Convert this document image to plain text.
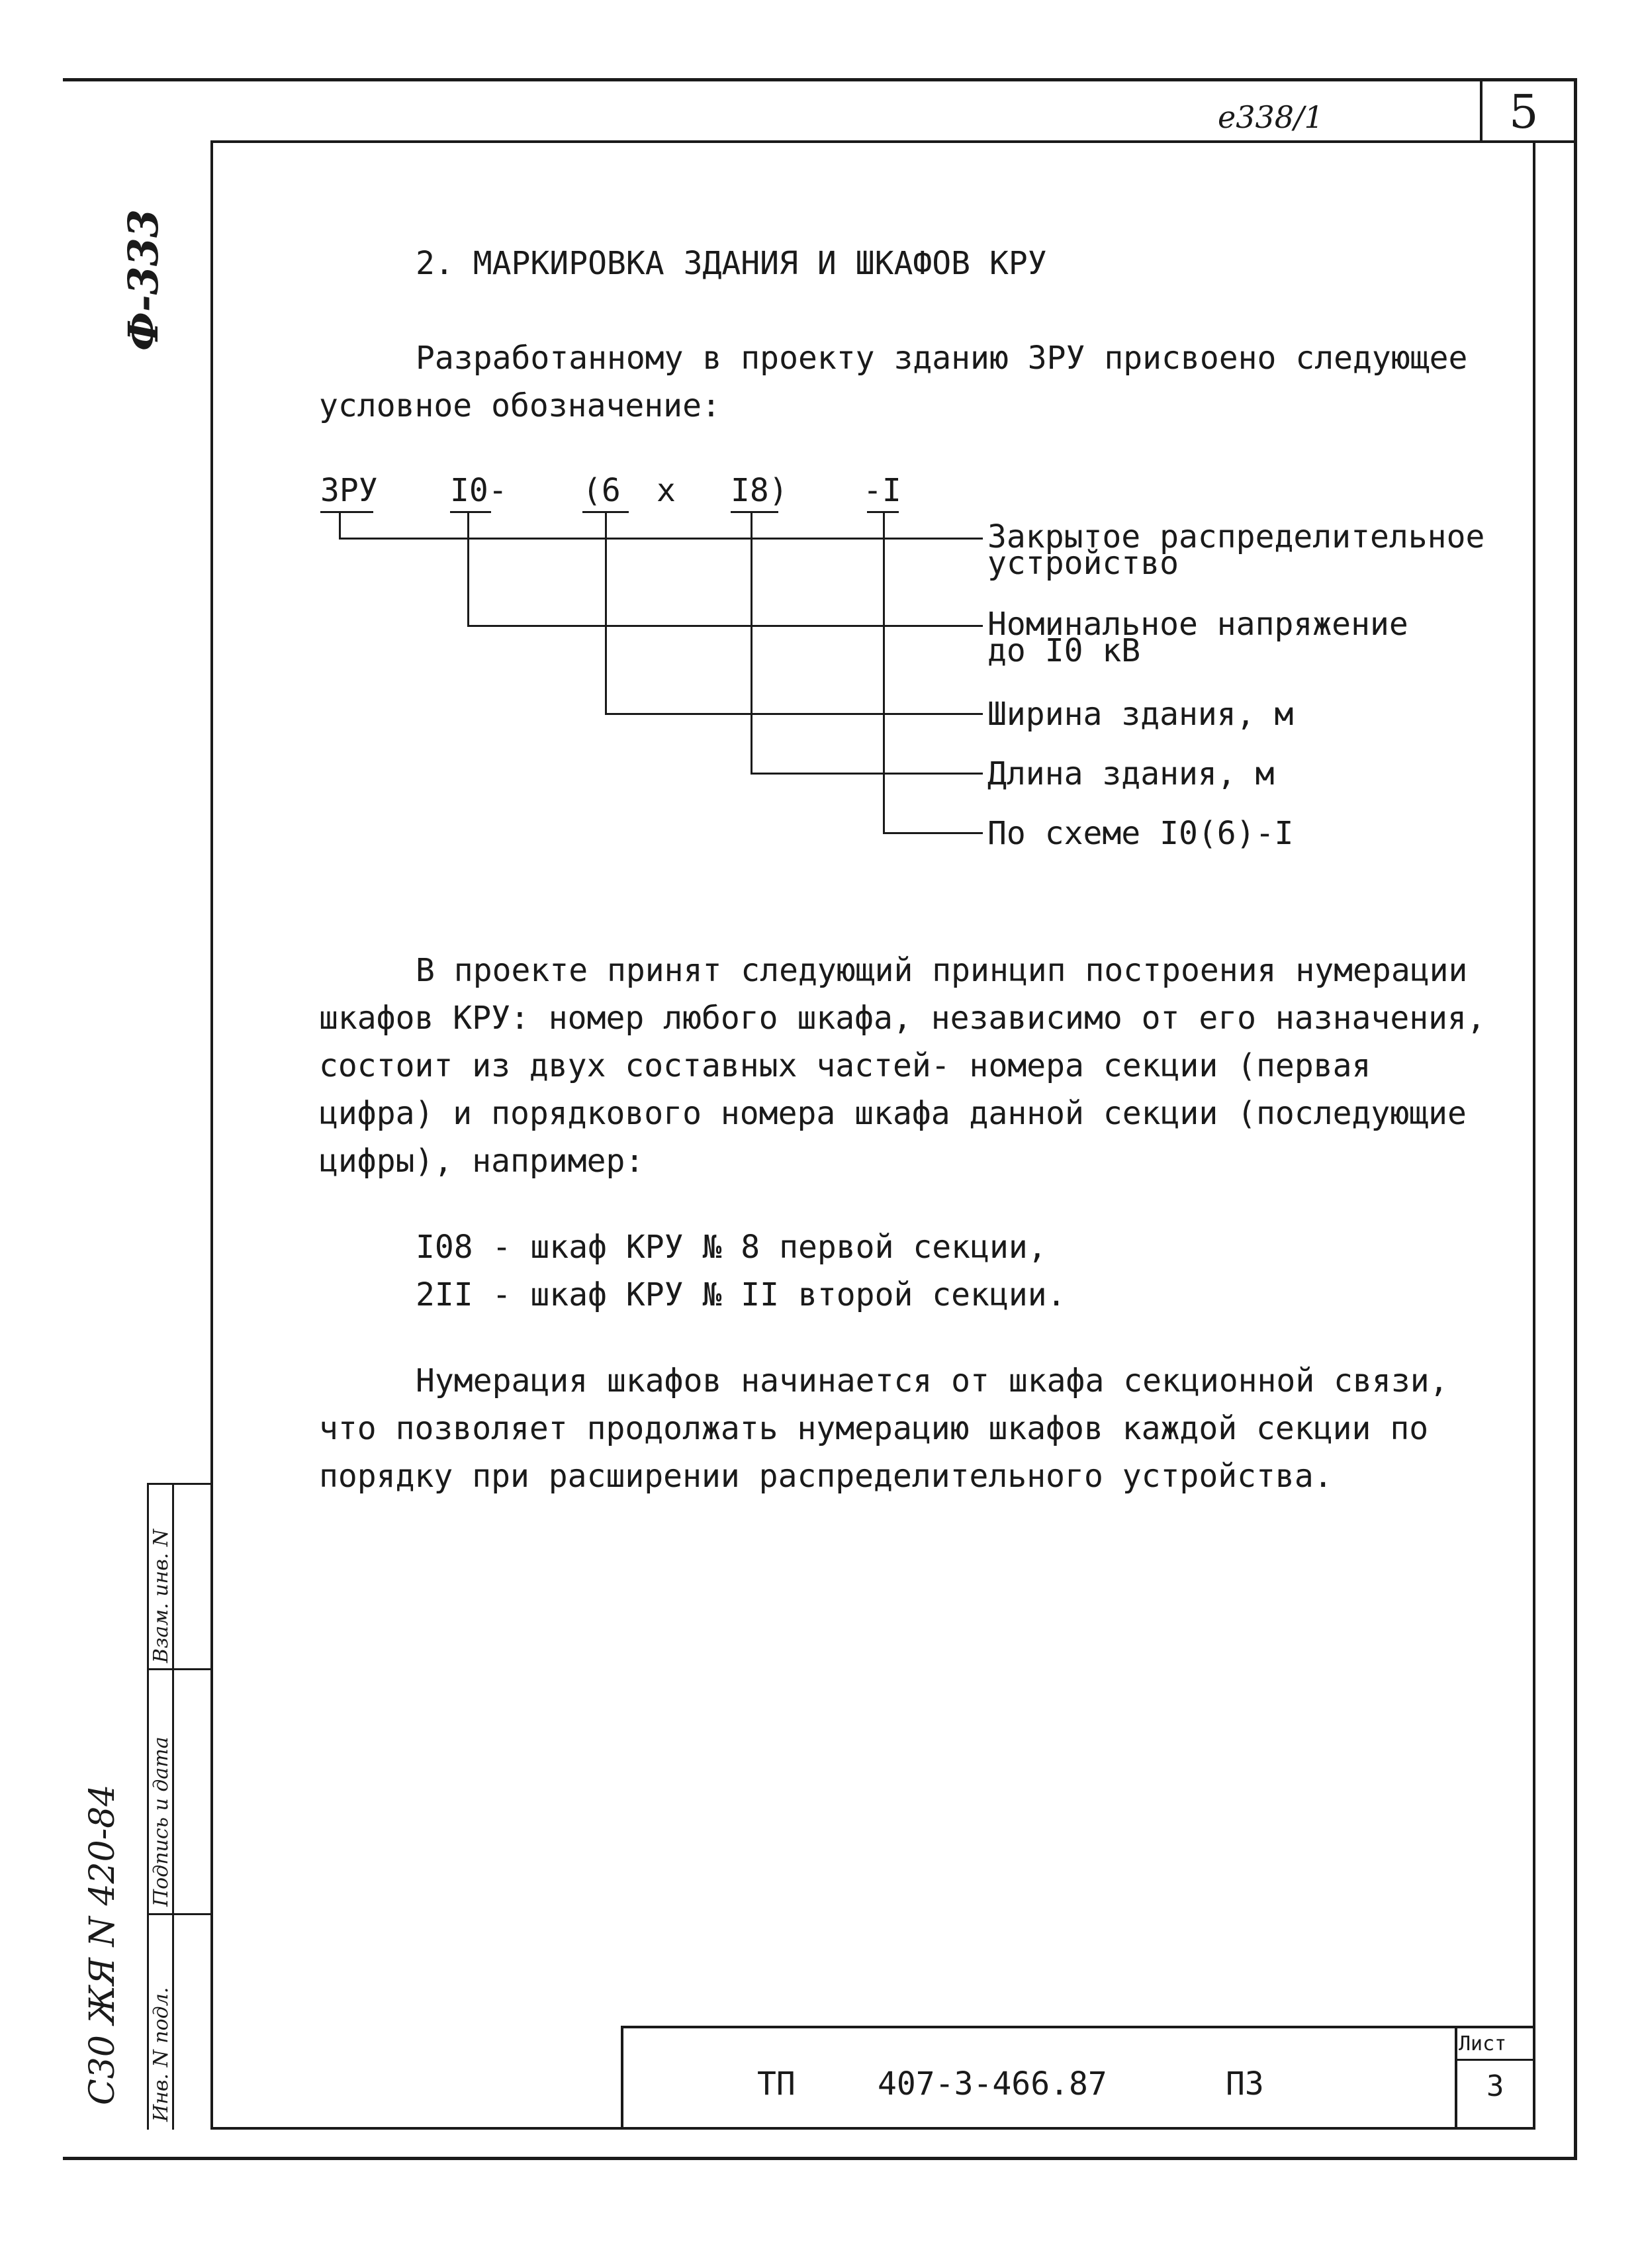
е338/1	5
Ф-333
С30 ЖЯ N 420-84 Инв. N подл.
Подпись и дата
Взам. инв. N
2. МАРКИРОВКА ЗДАНИЯ И ШКАФОВ КРУ
Разработанному в проекту зданию ЗРУ присвоено следующее
условное обозначение:
ЗРУ I0- (6 x I8) -I
Закрытое распределительное
устройство
Номинальное напряжение
до I0 кВ
Ширина здания, м
Длина здания, м
По схеме I0(6)-I
В проекте принят следующий принцип построения нумерации
шкафов КРУ: номер любого шкафа, независимо от его назначения,
состоит из двух составных частей- номера секции (первая
цифра) и порядкового номера шкафа данной секции (последующие
цифры), например:
I08 - шкаф КРУ № 8 первой секции,
2II - шкаф КРУ № II второй секции.
Нумерация шкафов начинается от шкафа секционной связи,
что позволяет продолжать нумерацию шкафов каждой секции по
порядку при расширении распределительного устройства.
ТП	407-3-466.87	ПЗ
Лист
3
